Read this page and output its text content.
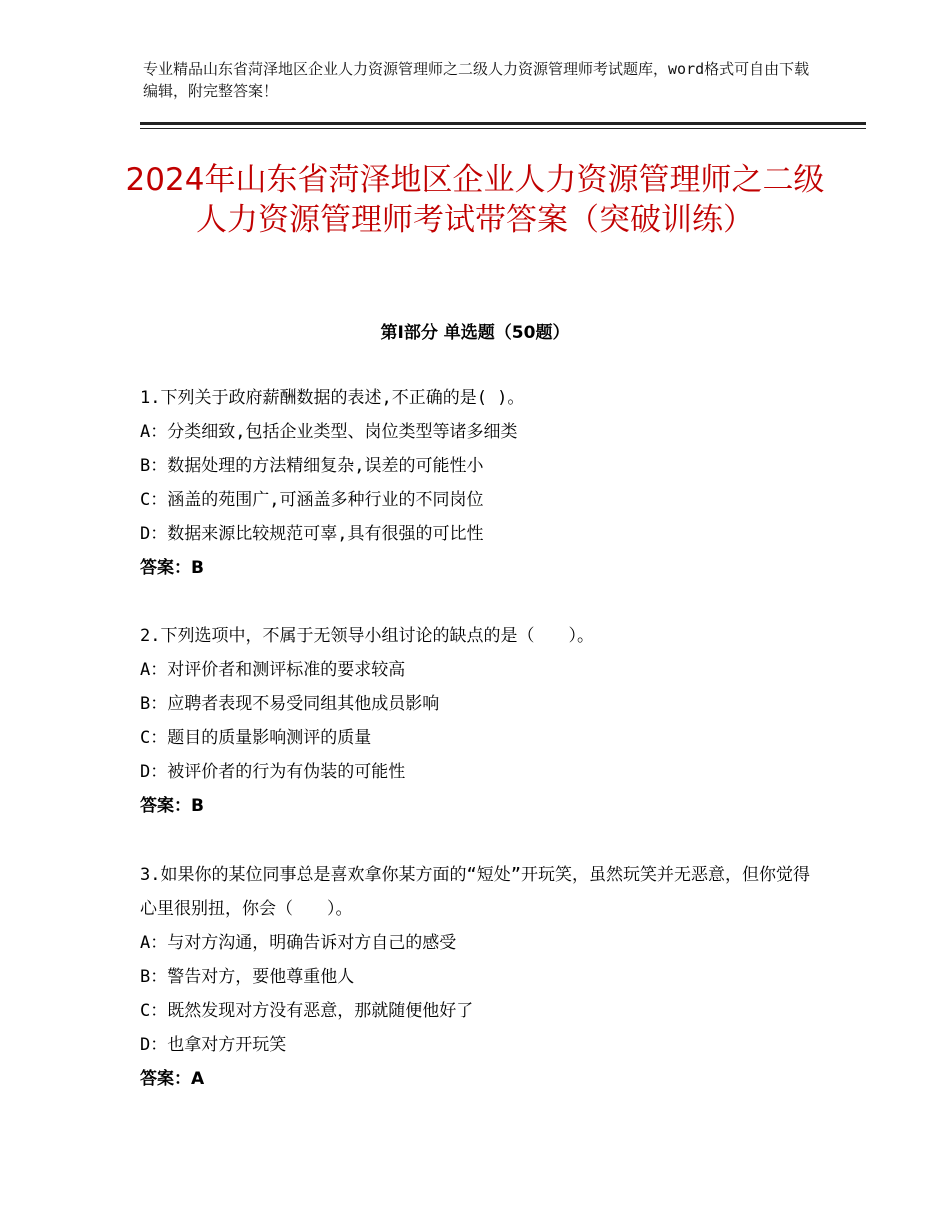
专业精品山东省菏泽地区企业人力资源管理师之二级人力资源管理师考试题库，word格式可自由下载编辑，附完整答案！
2024年山东省菏泽地区企业人力资源管理师之二级人力资源管理师考试带答案（突破训练）
第Ⅰ部分 单选题（50题）
1.下列关于政府薪酬数据的表述,不正确的是( )。
A：分类细致,包括企业类型、岗位类型等诸多细类
B：数据处理的方法精细复杂,误差的可能性小
C：涵盖的苑围广,可涵盖多种行业的不同岗位
D：数据来源比较规范可辜,具有很强的可比性
答案：B
2.下列选项中，不属于无领导小组讨论的缺点的是（　　）。
A：对评价者和测评标准的要求较高
B：应聘者表现不易受同组其他成员影响
C：题目的质量影响测评的质量
D：被评价者的行为有伪装的可能性
答案：B
3.如果你的某位同事总是喜欢拿你某方面的“短处”开玩笑，虽然玩笑并无恶意，但你觉得心里很别扭，你会（　　）。
A：与对方沟通，明确告诉对方自己的感受
B：警告对方，要他尊重他人
C：既然发现对方没有恶意，那就随便他好了
D：也拿对方开玩笑
答案：A
